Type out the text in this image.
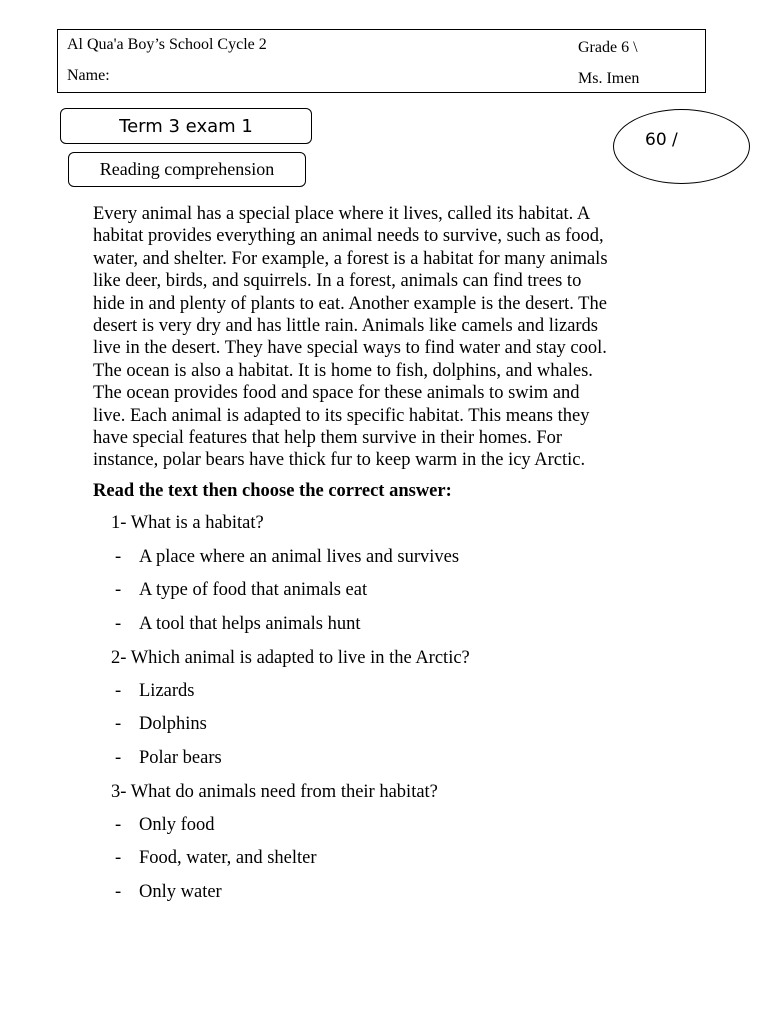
Al Qua'a Boy’s School Cycle 2
Name:
Grade 6 \
Ms. Imen
Term 3 exam 1
Reading comprehension
60 /
Every animal has a special place where it lives, called its habitat. A
habitat provides everything an animal needs to survive, such as food,
water, and shelter. For example, a forest is a habitat for many animals
like deer, birds, and squirrels. In a forest, animals can find trees to
hide in and plenty of plants to eat. Another example is the desert. The
desert is very dry and has little rain. Animals like camels and lizards
live in the desert. They have special ways to find water and stay cool.
The ocean is also a habitat. It is home to fish, dolphins, and whales.
The ocean provides food and space for these animals to swim and
live. Each animal is adapted to its specific habitat. This means they
have special features that help them survive in their homes. For
instance, polar bears have thick fur to keep warm in the icy Arctic.
Read the text then choose the correct answer:
1- What is a habitat?
- A place where an animal lives and survives
- A type of food that animals eat
- A tool that helps animals hunt
2- Which animal is adapted to live in the Arctic?
- Lizards
- Dolphins
- Polar bears
3- What do animals need from their habitat?
- Only food
- Food, water, and shelter
- Only water
